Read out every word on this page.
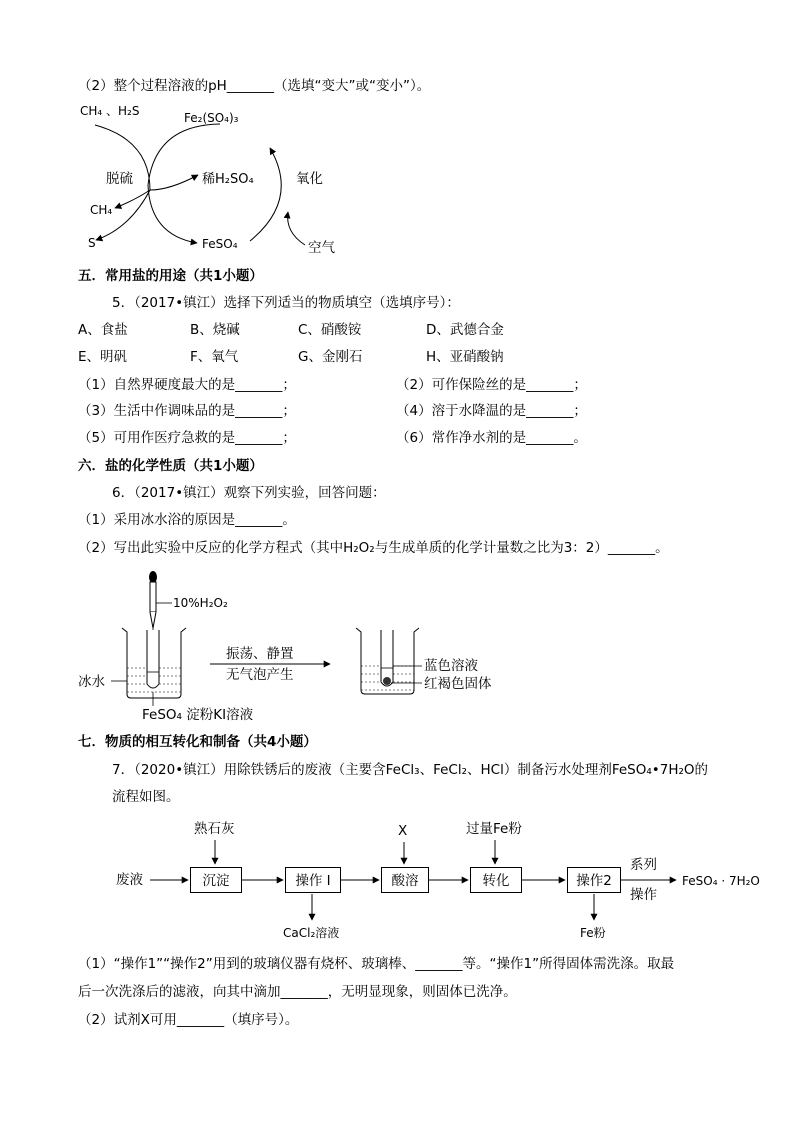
（2）整个过程溶液的pH_______（选填“变大”或“变小”）。
CH₄ 、H₂S	Fe₂(SO₄)₃
脱硫	稀H₂SO₄	氧化
CH₄
S	FeSO₄	空气
五．常用盐的用途（共1小题）
5．（2017•镇江）选择下列适当的物质填空（选填序号）：
A、食盐	B、烧碱	C、硝酸铵	D、武德合金
E、明矾	F、氧气	G、金刚石	H、亚硝酸钠
（1）自然界硬度最大的是_______；	（2）可作保险丝的是_______；
（3）生活中作调味品的是_______；	（4）溶于水降温的是_______；
（5）可用作医疗急救的是_______；	（6）常作净水剂的是_______。
六．盐的化学性质（共1小题）
6．（2017•镇江）观察下列实验，回答问题：
（1）采用冰水浴的原因是_______。
（2）写出此实验中反应的化学方程式（其中H₂O₂与生成单质的化学计量数之比为3：2）_______。
10%H₂O₂
冰水
FeSO₄ 淀粉KI溶液
振荡、静置
无气泡产生
蓝色溶液
红褐色固体
七．物质的相互转化和制备（共4小题）
7．（2020•镇江）用除铁锈后的废液（主要含FeCl₃、FeCl₂、HCl）制备污水处理剂FeSO₄•7H₂O的
流程如图。
熟石灰	X	过量Fe粉
废液	沉淀	操作 I	酸溶	转化	操作2
系列
操作
FeSO₄ · 7H₂O
CaCl₂溶液	Fe粉
（1）“操作1”“操作2”用到的玻璃仪器有烧杯、玻璃棒、_______等。“操作1”所得固体需洗涤。取最
后一次洗涤后的滤液，向其中滴加_______，无明显现象，则固体已洗净。
（2）试剂X可用_______（填序号）。
